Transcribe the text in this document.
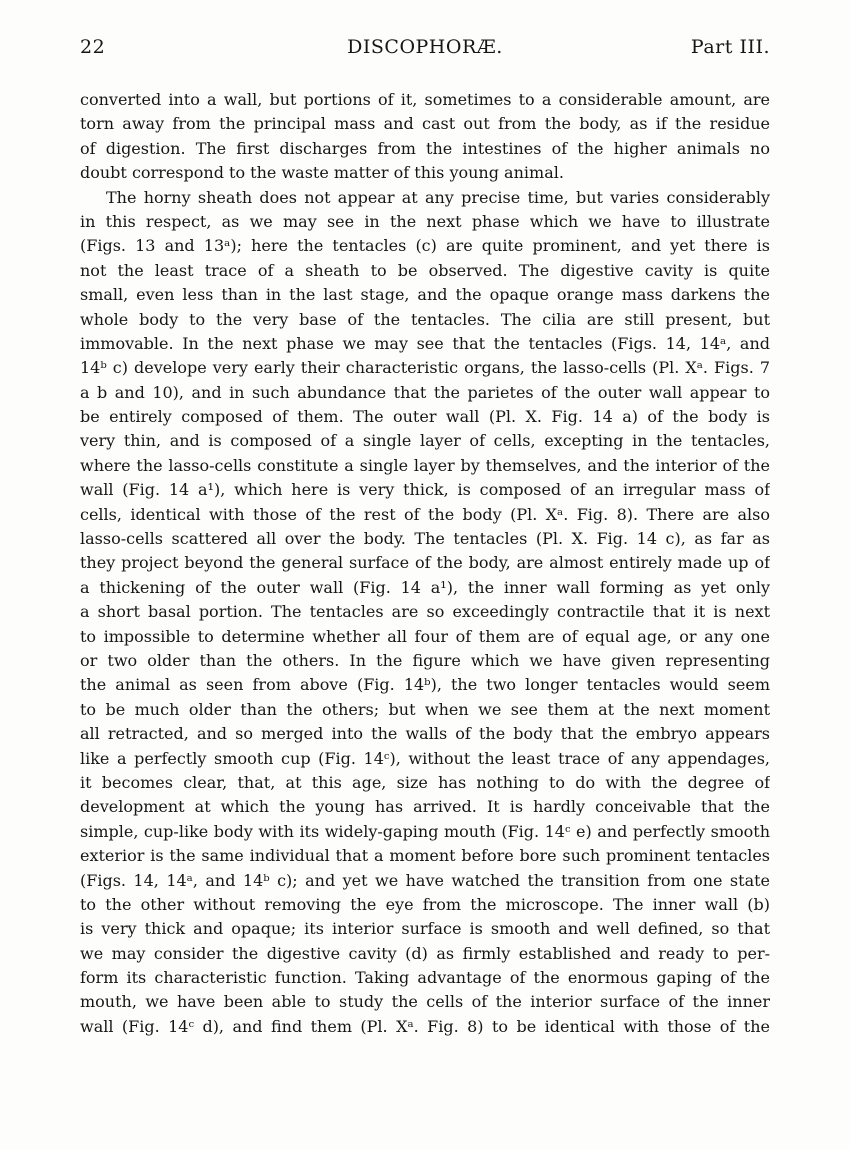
22	DISCOPHORÆ.	Part III.
converted into a wall, but portions of it, sometimes to a considerable amount, are
torn away from the principal mass and cast out from the body, as if the residue
of digestion. The first discharges from the intestines of the higher animals no
doubt correspond to the waste matter of this young animal.
The horny sheath does not appear at any precise time, but varies considerably
in this respect, as we may see in the next phase which we have to illustrate
(Figs. 13 and 13ᵃ); here the tentacles (c) are quite prominent, and yet there is
not the least trace of a sheath to be observed. The digestive cavity is quite
small, even less than in the last stage, and the opaque orange mass darkens the
whole body to the very base of the tentacles. The cilia are still present, but
immovable. In the next phase we may see that the tentacles (Figs. 14, 14ᵃ, and
14ᵇ c) develope very early their characteristic organs, the lasso-cells (Pl. Xᵃ. Figs. 7
a b and 10), and in such abundance that the parietes of the outer wall appear to
be entirely composed of them. The outer wall (Pl. X. Fig. 14 a) of the body is
very thin, and is composed of a single layer of cells, excepting in the tentacles,
where the lasso-cells constitute a single layer by themselves, and the interior of the
wall (Fig. 14 a¹), which here is very thick, is composed of an irregular mass of
cells, identical with those of the rest of the body (Pl. Xᵃ. Fig. 8). There are also
lasso-cells scattered all over the body. The tentacles (Pl. X. Fig. 14 c), as far as
they project beyond the general surface of the body, are almost entirely made up of
a thickening of the outer wall (Fig. 14 a¹), the inner wall forming as yet only
a short basal portion. The tentacles are so exceedingly contractile that it is next
to impossible to determine whether all four of them are of equal age, or any one
or two older than the others. In the figure which we have given representing
the animal as seen from above (Fig. 14ᵇ), the two longer tentacles would seem
to be much older than the others; but when we see them at the next moment
all retracted, and so merged into the walls of the body that the embryo appears
like a perfectly smooth cup (Fig. 14ᶜ), without the least trace of any appendages,
it becomes clear, that, at this age, size has nothing to do with the degree of
development at which the young has arrived. It is hardly conceivable that the
simple, cup-like body with its widely-gaping mouth (Fig. 14ᶜ e) and perfectly smooth
exterior is the same individual that a moment before bore such prominent tentacles
(Figs. 14, 14ᵃ, and 14ᵇ c); and yet we have watched the transition from one state
to the other without removing the eye from the microscope. The inner wall (b)
is very thick and opaque; its interior surface is smooth and well defined, so that
we may consider the digestive cavity (d) as firmly established and ready to per-
form its characteristic function. Taking advantage of the enormous gaping of the
mouth, we have been able to study the cells of the interior surface of the inner
wall (Fig. 14ᶜ d), and find them (Pl. Xᵃ. Fig. 8) to be identical with those of the
